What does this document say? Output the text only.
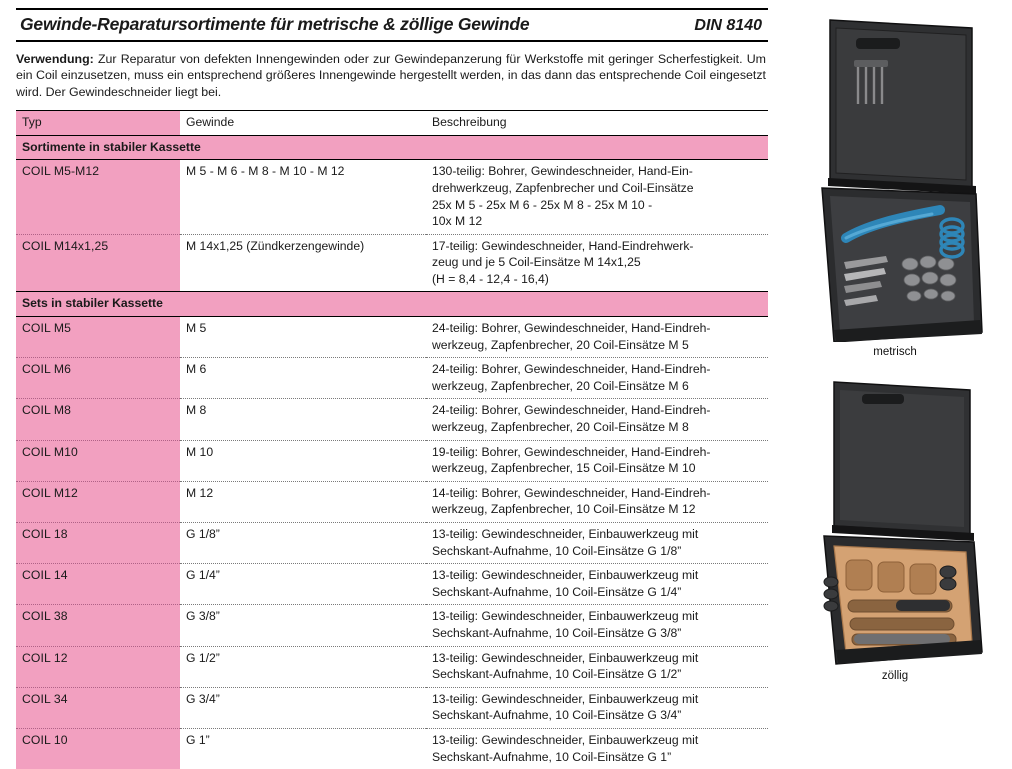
Gewinde-Reparatursortimente für metrische & zöllige Gewinde	DIN 8140
Verwendung: Zur Reparatur von defekten Innengewinden oder zur Gewindepanzerung für Werkstoffe mit geringer Scherfestigkeit. Um ein Coil einzusetzen, muss ein entsprechend größeres Innengewinde hergestellt werden, in das dann das entsprechende Coil eingesetzt wird. Der Gewindeschneider liegt bei.
Typ	Gewinde	Beschreibung
Sortimente in stabiler Kassette		
COIL M5-M12	M 5 - M 6 - M 8 - M 10 - M 12	130-teilig: Bohrer, Gewindeschneider, Hand-Ein-
drehwerkzeug, Zapfenbrecher und Coil-Einsätze
25x M 5 - 25x M 6 - 25x M 8 - 25x M 10 -
10x M 12
COIL M14x1,25	M 14x1,25 (Zündkerzengewinde)	17-teilig: Gewindeschneider, Hand-Eindrehwerk-
zeug und je 5 Coil-Einsätze M 14x1,25
(H = 8,4 - 12,4 - 16,4)
Sets in stabiler Kassette		
COIL M5	M 5	24-teilig: Bohrer, Gewindeschneider, Hand-Eindreh-
werkzeug, Zapfenbrecher, 20 Coil-Einsätze M 5
COIL M6	M 6	24-teilig: Bohrer, Gewindeschneider, Hand-Eindreh-
werkzeug, Zapfenbrecher, 20 Coil-Einsätze M 6
COIL M8	M 8	24-teilig: Bohrer, Gewindeschneider, Hand-Eindreh-
werkzeug, Zapfenbrecher, 20 Coil-Einsätze M 8
COIL M10	M 10	19-teilig: Bohrer, Gewindeschneider, Hand-Eindreh-
werkzeug, Zapfenbrecher, 15 Coil-Einsätze M 10
COIL M12	M 12	14-teilig: Bohrer, Gewindeschneider, Hand-Eindreh-
werkzeug, Zapfenbrecher, 10 Coil-Einsätze M 12
COIL 18	G 1/8”	13-teilig: Gewindeschneider, Einbauwerkzeug mit
Sechskant-Aufnahme, 10 Coil-Einsätze G 1/8”
COIL 14	G 1/4”	13-teilig: Gewindeschneider, Einbauwerkzeug mit
Sechskant-Aufnahme, 10 Coil-Einsätze G 1/4”
COIL 38	G 3/8”	13-teilig: Gewindeschneider, Einbauwerkzeug mit
Sechskant-Aufnahme, 10 Coil-Einsätze G 3/8”
COIL 12	G 1/2”	13-teilig: Gewindeschneider, Einbauwerkzeug mit
Sechskant-Aufnahme, 10 Coil-Einsätze G 1/2”
COIL 34	G 3/4”	13-teilig: Gewindeschneider, Einbauwerkzeug mit
Sechskant-Aufnahme, 10 Coil-Einsätze G 3/4”
COIL 10	G 1”	13-teilig: Gewindeschneider, Einbauwerkzeug mit
Sechskant-Aufnahme, 10 Coil-Einsätze G 1”
metrisch
zöllig
